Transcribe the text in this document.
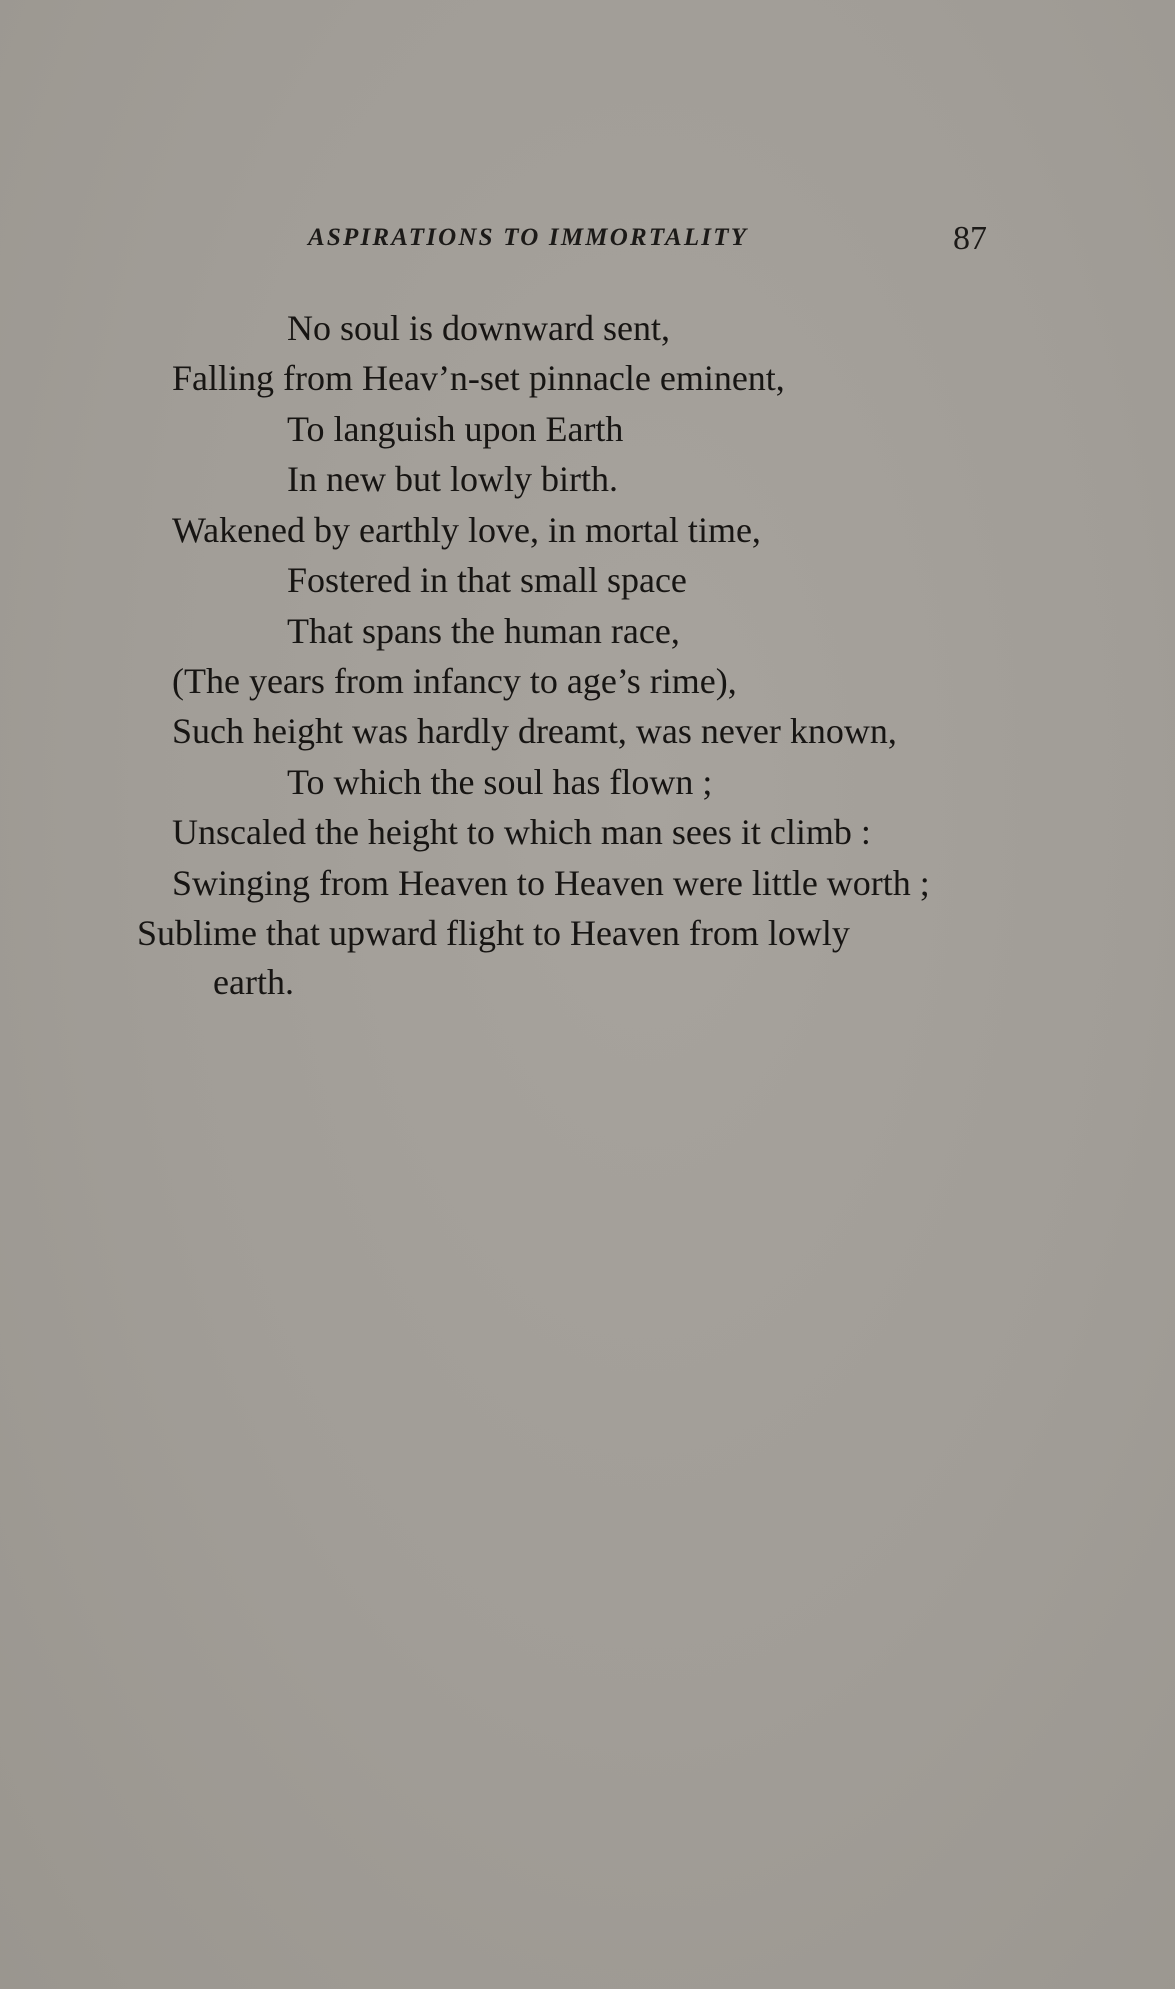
ASPIRATIONS TO IMMORTALITY	87
No soul is downward sent,
Falling from Heav’n-set pinnacle eminent,
To languish upon Earth
In new but lowly birth.
Wakened by earthly love, in mortal time,
Fostered in that small space
That spans the human race,
(The years from infancy to age’s rime),
Such height was hardly dreamt, was never known,
To which the soul has flown ;
Unscaled the height to which man sees it climb :
Swinging from Heaven to Heaven were little worth ;
Sublime that upward flight to Heaven from lowly
earth.
